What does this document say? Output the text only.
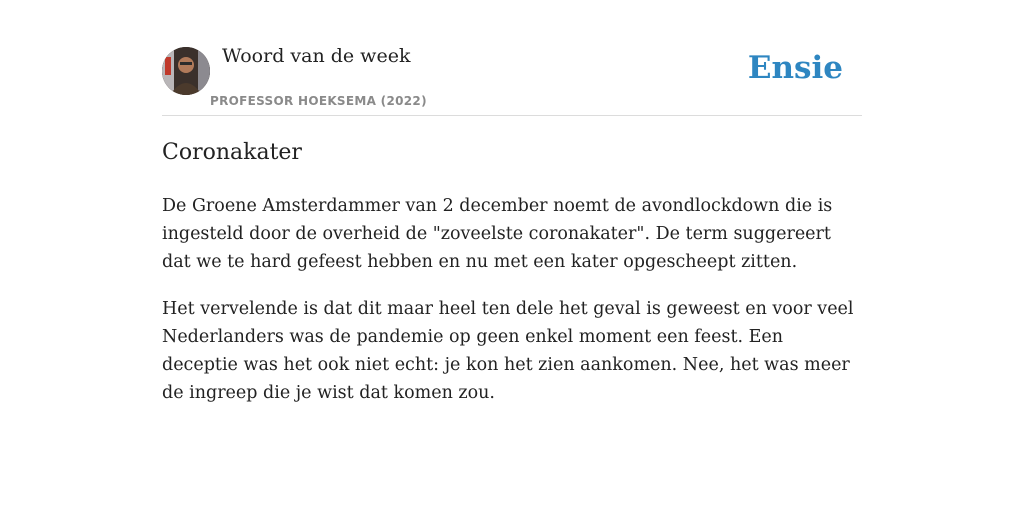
Woord van de week
PROFESSOR HOEKSEMA (2022)
Ensie
Coronakater

De Groene Amsterdammer van 2 december noemt de avondlockdown die is ingesteld door de overheid de "zoveelste coronakater". De term suggereert dat we te hard gefeest hebben en nu met een kater opgescheept zitten.

Het vervelende is dat dit maar heel ten dele het geval is geweest en voor veel Nederlanders was de pandemie op geen enkel moment een feest. Een deceptie was het ook niet echt: je kon het zien aankomen. Nee, het was meer de ingreep die je wist dat komen zou.
